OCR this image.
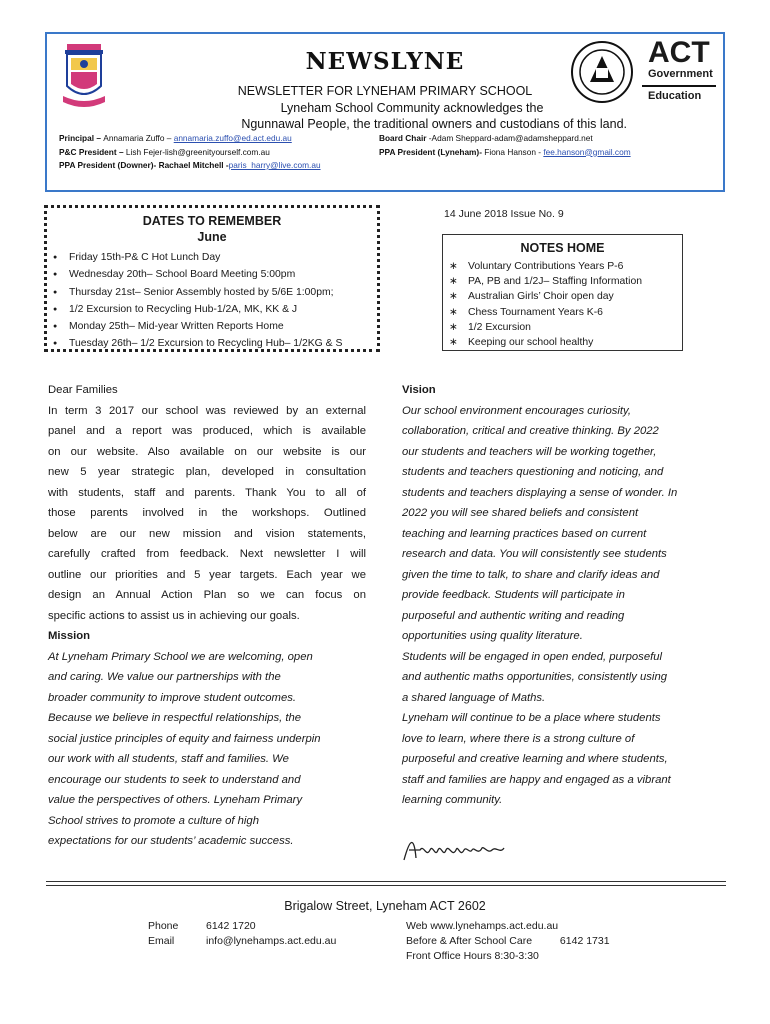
NEWSLYNE
NEWSLETTER FOR LYNEHAM PRIMARY SCHOOL
Lyneham School Community acknowledges the
Ngunnawal People, the traditional owners and custodians of this land.
ACT
Government
Education
Principal – Annamaria Zuffo – annamaria.zuffo@ed.act.edu.au
P&C President – Lish Fejer-lish@greenityourself.com.au
PPA President (Downer)- Rachael Mitchell -paris_harry@live.com.au
Board Chair -Adam Sheppard-adam@adamsheppard.net
PPA President (Lyneham)- Fiona Hanson - fee.hanson@gmail.com
DATES TO REMEMBER
June
● Friday 15th-P& C Hot Lunch Day
● Wednesday 20th– School Board Meeting 5:00pm
● Thursday 21st– Senior Assembly hosted by 5/6E 1:00pm;
● 1/2 Excursion to Recycling Hub-1/2A, MK, KK & J
● Monday 25th– Mid-year Written Reports Home
● Tuesday 26th– 1/2 Excursion to Recycling Hub– 1/2KG & S
14 June 2018 Issue No. 9
NOTES HOME
∗ Voluntary Contributions Years P-6
∗ PA, PB and 1/2J– Staffing Information
∗ Australian Girls’ Choir open day
∗ Chess Tournament Years K-6
∗ 1/2 Excursion
∗ Keeping our school healthy
Dear Families
In term 3 2017 our school was reviewed by an external
panel and a report was produced, which is available
on our website. Also available on our website is our
new 5 year strategic plan, developed in consultation
with students, staff and parents. Thank You to all of
those parents involved in the workshops. Outlined
below are our new mission and vision statements,
carefully crafted from feedback. Next newsletter I will
outline our priorities and 5 year targets. Each year we
design an Annual Action Plan so we can focus on
specific actions to assist us in achieving our goals.
Mission
At Lyneham Primary School we are welcoming, open
and caring. We value our partnerships with the
broader community to improve student outcomes.
Because we believe in respectful relationships, the
social justice principles of equity and fairness underpin
our work with all students, staff and families. We
encourage our students to seek to understand and
value the perspectives of others. Lyneham Primary
School strives to promote a culture of high
expectations for our students’ academic success.
Vision
Our school environment encourages curiosity,
collaboration, critical and creative thinking. By 2022
our students and teachers will be working together,
students and teachers questioning and noticing, and
students and teachers displaying a sense of wonder. In
2022 you will see shared beliefs and consistent
teaching and learning practices based on current
research and data. You will consistently see students
given the time to talk, to share and clarify ideas and
provide feedback. Students will participate in
purposeful and authentic writing and reading
opportunities using quality literature.
Students will be engaged in open ended, purposeful
and authentic maths opportunities, consistently using
a shared language of Maths.
Lyneham will continue to be a place where students
love to learn, where there is a strong culture of
purposeful and creative learning and where students,
staff and families are happy and engaged as a vibrant
learning community.
Brigalow Street, Lyneham ACT 2602
Phone
Email
6142 1720
info@lynehamps.act.edu.au
Web www.lynehamps.act.edu.au
Before & After School Care	6142 1731
Front Office Hours 8:30-3:30
